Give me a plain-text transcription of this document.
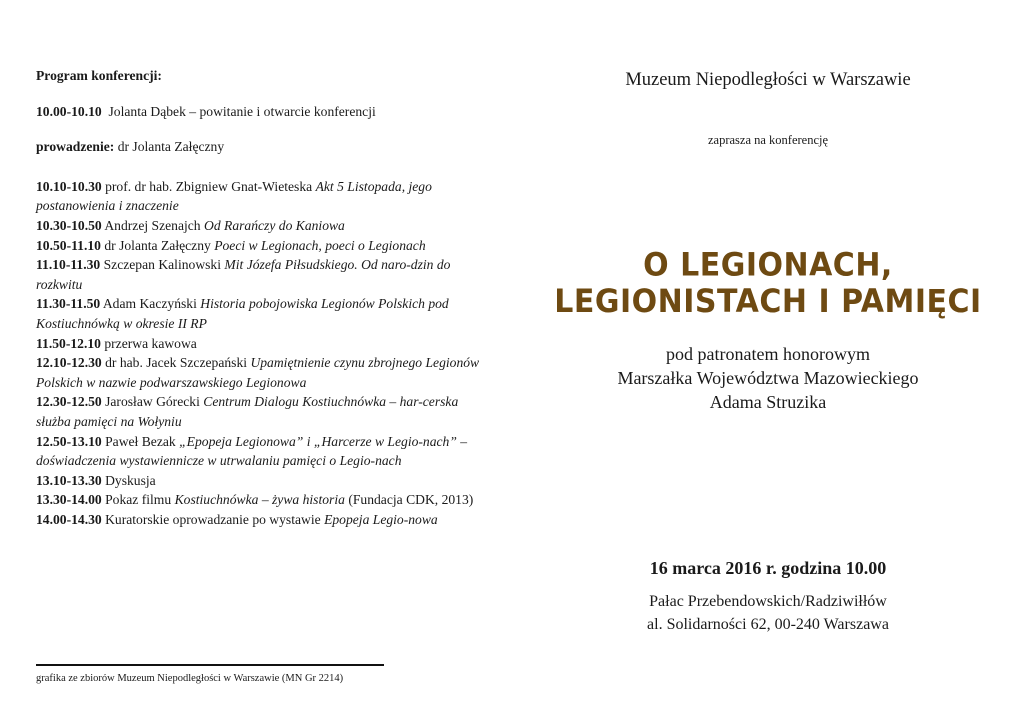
Program konferencji:

10.00-10.10 Jolanta Dąbek – powitanie i otwarcie konferencji

prowadzenie: dr Jolanta Załęczny

10.10-10.30 prof. dr hab. Zbigniew Gnat-Wieteska Akt 5 Listopada, jego postanowienia i znaczenie

10.30-10.50 Andrzej Szenajch Od Rarańczy do Kaniowa

10.50-11.10 dr Jolanta Załęczny Poeci w Legionach, poeci o Legionach

11.10-11.30 Szczepan Kalinowski Mit Józefa Piłsudskiego. Od naro-dzin do rozkwitu

11.30-11.50 Adam Kaczyński Historia pobojowiska Legionów Polskich pod Kostiuchnówką w okresie II RP

11.50-12.10 przerwa kawowa

12.10-12.30 dr hab. Jacek Szczepański Upamiętnienie czynu zbrojnego Legionów Polskich w nazwie podwarszawskiego Legionowa

12.30-12.50 Jarosław Górecki Centrum Dialogu Kostiuchnówka – har-cerska służba pamięci na Wołyniu

12.50-13.10 Paweł Bezak „Epopeja Legionowa” i „Harcerze w Legio-nach” – doświadczenia wystawiennicze w utrwalaniu pamięci o Legio-nach

13.10-13.30 Dyskusja

13.30-14.00 Pokaz filmu Kostiuchnówka – żywa historia (Fundacja CDK, 2013)

14.00-14.30 Kuratorskie oprowadzanie po wystawie Epopeja Legio-nowa

grafika ze zbiorów Muzeum Niepodległości w Warszawie (MN Gr 2214)
Muzeum Niepodległości w Warszawie
zaprasza na konferencję
O LEGIONACH,
LEGIONISTACH I PAMIĘCI
pod patronatem honorowym
Marszałka Województwa Mazowieckiego
Adama Struzika
16 marca 2016 r. godzina 10.00
Pałac Przebendowskich/Radziwiłłów
al. Solidarności 62, 00-240 Warszawa
